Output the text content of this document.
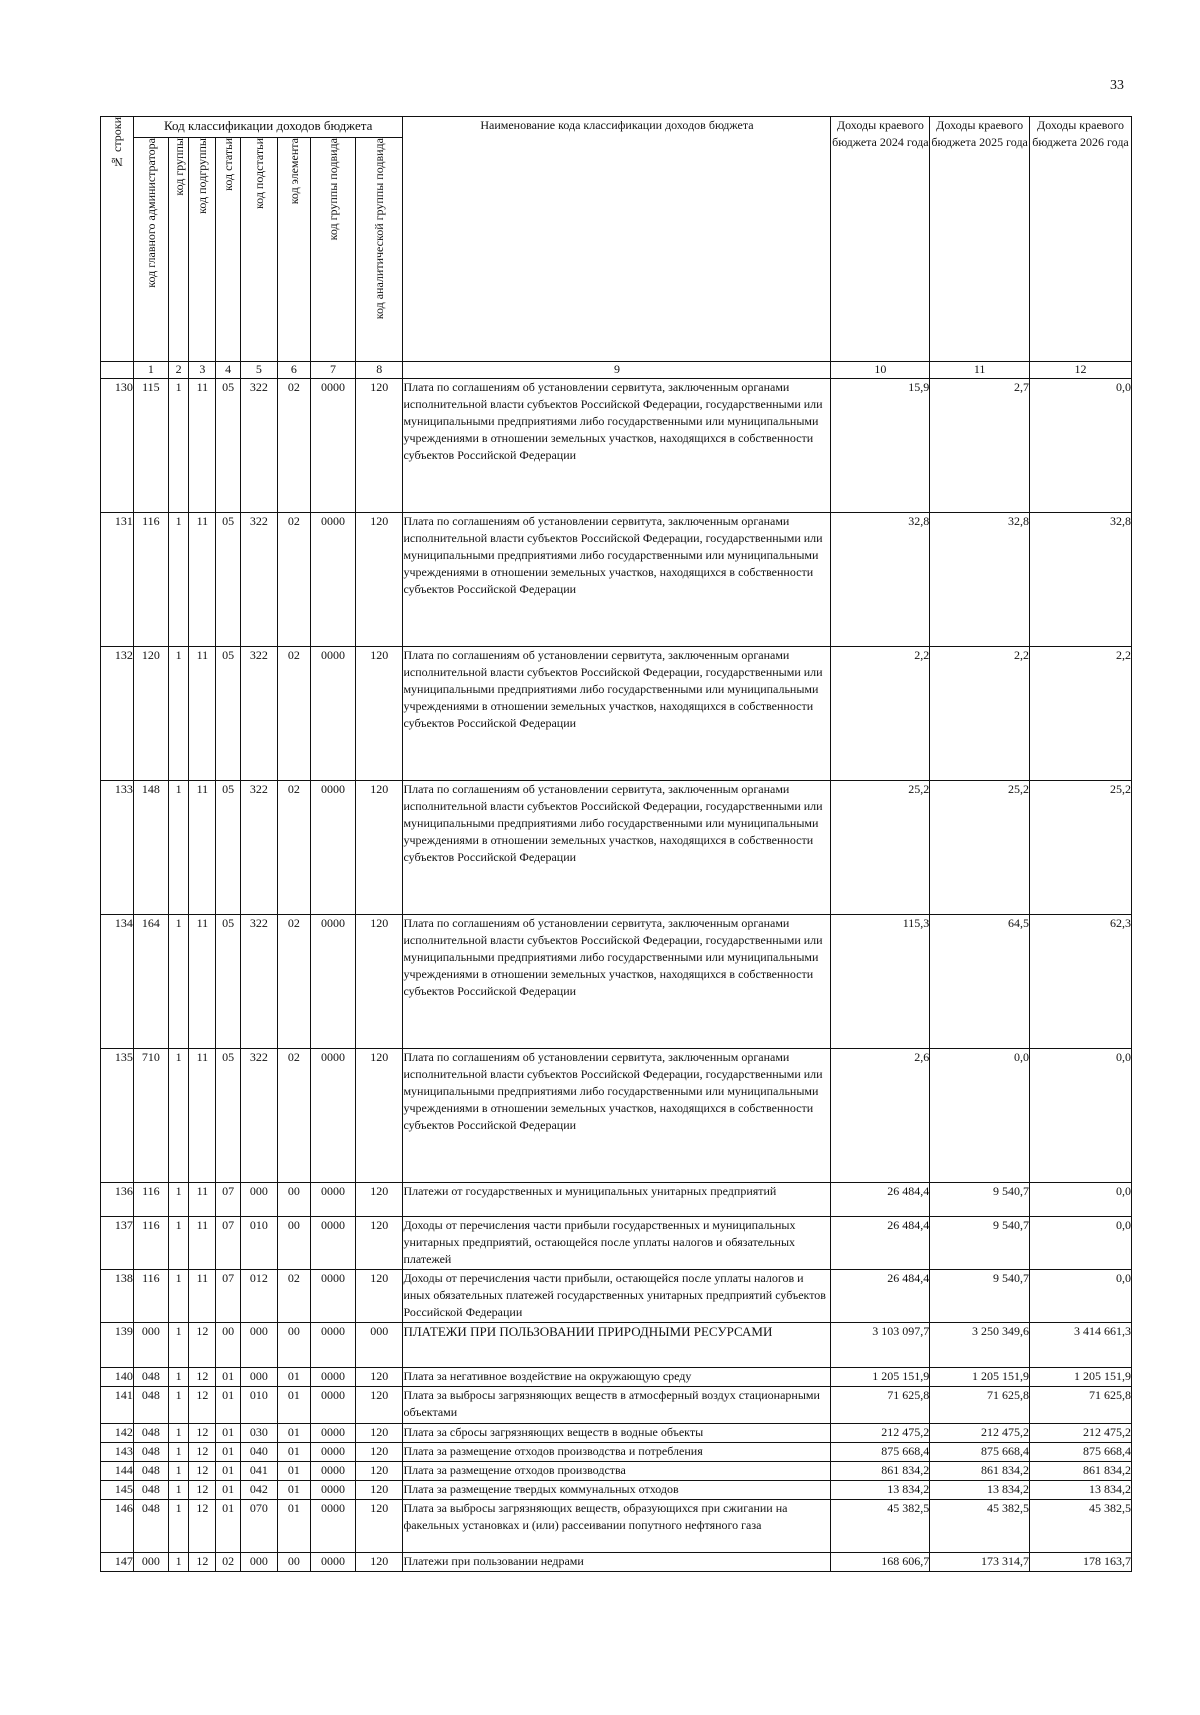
33
№ строки	Код классификации доходов бюджета								Наименование кода классификации доходов бюджета	Доходы краевого бюджета 2024 года	Доходы краевого бюджета 2025 года	Доходы краевого бюджета 2026 года

	код главного администратора	код группы	код подгруппы	код статьи	код подстатьи	код элемента	код группы подвида	код аналитической группы подвида				

	1	2	3	4	5	6	7	8	9	10	11	12
130	115	1	11	05	322	02	0000	120	Плата по соглашениям об установлении сервитута, заключенным органами исполнительной власти субъектов Российской Федерации, государственными или муниципальными предприятиями либо государственными или муниципальными учреждениями в отношении земельных участков, находящихся в собственности субъектов Российской Федерации	15,9	2,7	0,0
131	116	1	11	05	322	02	0000	120	Плата по соглашениям об установлении сервитута, заключенным органами исполнительной власти субъектов Российской Федерации, государственными или муниципальными предприятиями либо государственными или муниципальными учреждениями в отношении земельных участков, находящихся в собственности субъектов Российской Федерации	32,8	32,8	32,8
132	120	1	11	05	322	02	0000	120	Плата по соглашениям об установлении сервитута, заключенным органами исполнительной власти субъектов Российской Федерации, государственными или муниципальными предприятиями либо государственными или муниципальными учреждениями в отношении земельных участков, находящихся в собственности субъектов Российской Федерации	2,2	2,2	2,2
133	148	1	11	05	322	02	0000	120	Плата по соглашениям об установлении сервитута, заключенным органами исполнительной власти субъектов Российской Федерации, государственными или муниципальными предприятиями либо государственными или муниципальными учреждениями в отношении земельных участков, находящихся в собственности субъектов Российской Федерации	25,2	25,2	25,2
134	164	1	11	05	322	02	0000	120	Плата по соглашениям об установлении сервитута, заключенным органами исполнительной власти субъектов Российской Федерации, государственными или муниципальными предприятиями либо государственными или муниципальными учреждениями в отношении земельных участков, находящихся в собственности субъектов Российской Федерации	115,3	64,5	62,3
135	710	1	11	05	322	02	0000	120	Плата по соглашениям об установлении сервитута, заключенным органами исполнительной власти субъектов Российской Федерации, государственными или муниципальными предприятиями либо государственными или муниципальными учреждениями в отношении земельных участков, находящихся в собственности субъектов Российской Федерации	2,6	0,0	0,0
136	116	1	11	07	000	00	0000	120	Платежи от государственных и муниципальных унитарных предприятий	26 484,4	9 540,7	0,0
137	116	1	11	07	010	00	0000	120	Доходы от перечисления части прибыли государственных и муниципальных унитарных предприятий, остающейся после уплаты налогов и обязательных платежей	26 484,4	9 540,7	0,0
138	116	1	11	07	012	02	0000	120	Доходы от перечисления части прибыли, остающейся после уплаты налогов и иных обязательных платежей государственных унитарных предприятий субъектов Российской Федерации	26 484,4	9 540,7	0,0
139	000	1	12	00	000	00	0000	000	ПЛАТЕЖИ ПРИ ПОЛЬЗОВАНИИ ПРИРОДНЫМИ РЕСУРСАМИ	3 103 097,7	3 250 349,6	3 414 661,3
140	048	1	12	01	000	01	0000	120	Плата за негативное воздействие на окружающую среду	1 205 151,9	1 205 151,9	1 205 151,9
141	048	1	12	01	010	01	0000	120	Плата за выбросы загрязняющих веществ в атмосферный воздух стационарными объектами	71 625,8	71 625,8	71 625,8
142	048	1	12	01	030	01	0000	120	Плата за сбросы загрязняющих веществ в водные объекты	212 475,2	212 475,2	212 475,2
143	048	1	12	01	040	01	0000	120	Плата за размещение отходов производства и потребления	875 668,4	875 668,4	875 668,4
144	048	1	12	01	041	01	0000	120	Плата за размещение отходов производства	861 834,2	861 834,2	861 834,2
145	048	1	12	01	042	01	0000	120	Плата за размещение твердых коммунальных отходов	13 834,2	13 834,2	13 834,2
146	048	1	12	01	070	01	0000	120	Плата за выбросы загрязняющих веществ, образующихся при сжигании на факельных установках и (или) рассеивании попутного нефтяного газа	45 382,5	45 382,5	45 382,5
147	000	1	12	02	000	00	0000	120	Платежи при пользовании недрами	168 606,7	173 314,7	178 163,7
